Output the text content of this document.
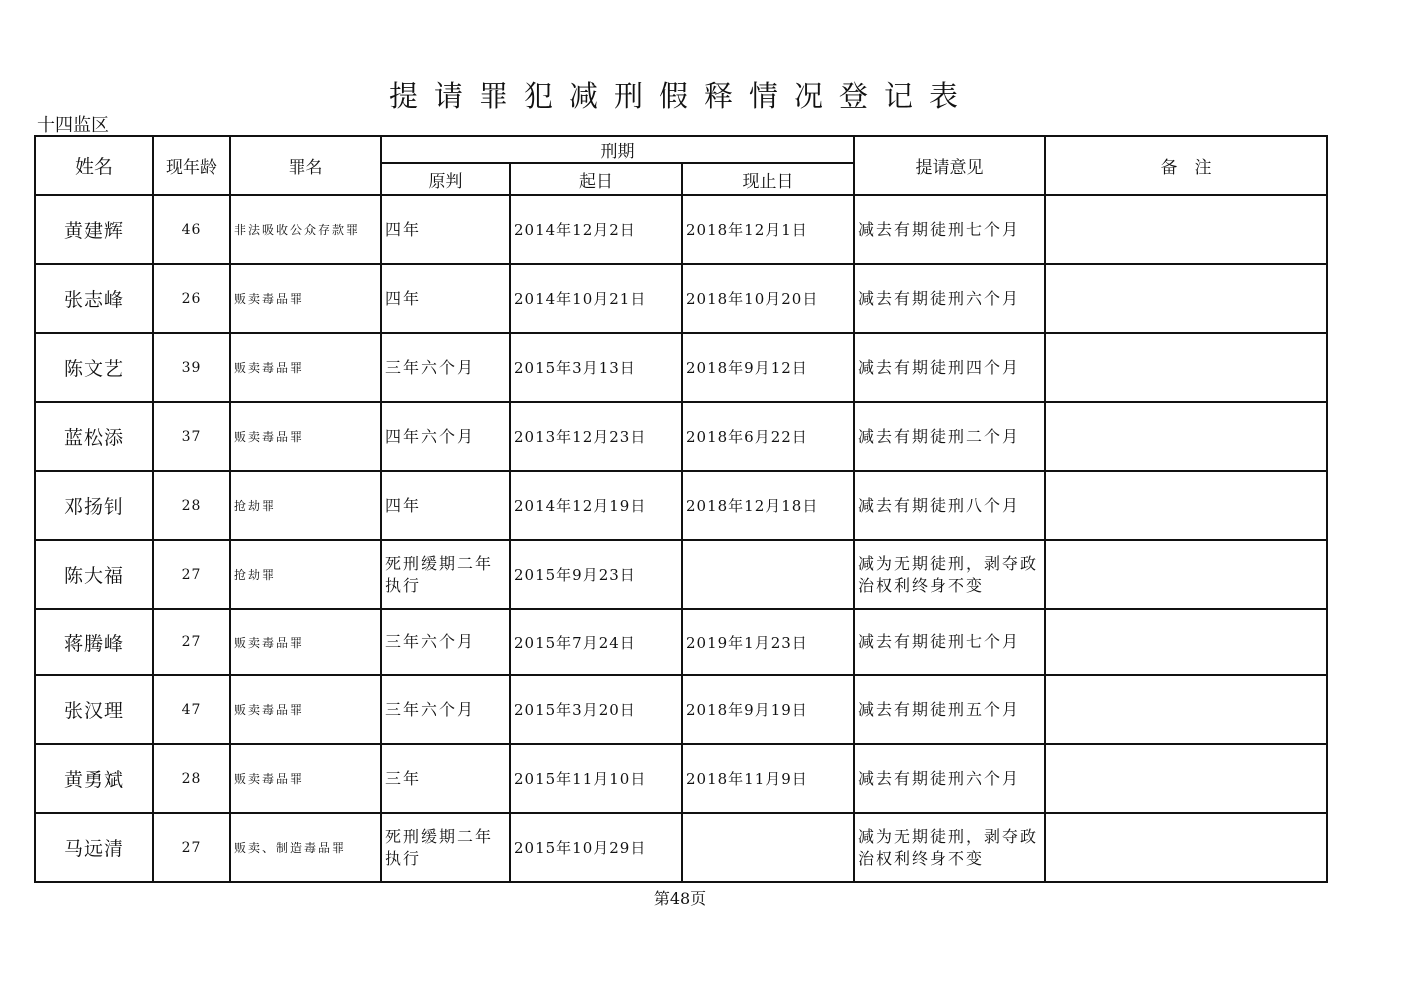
提请罪犯减刑假释情况登记表
十四监区
姓名	现年龄	罪名	刑期			提请意见	备　注
			原判	起日	现止日		
黄建辉	46	非法吸收公众存款罪	四年	2014年12月2日	2018年12月1日	减去有期徒刑七个月	
张志峰	26	贩卖毒品罪	四年	2014年10月21日	2018年10月20日	减去有期徒刑六个月	
陈文艺	39	贩卖毒品罪	三年六个月	2015年3月13日	2018年9月12日	减去有期徒刑四个月	
蓝松添	37	贩卖毒品罪	四年六个月	2013年12月23日	2018年6月22日	减去有期徒刑二个月	
邓扬钊	28	抢劫罪	四年	2014年12月19日	2018年12月18日	减去有期徒刑八个月	
陈大福	27	抢劫罪	死刑缓期二年执行	2015年9月23日		减为无期徒刑，剥夺政治权利终身不变	
蒋腾峰	27	贩卖毒品罪	三年六个月	2015年7月24日	2019年1月23日	减去有期徒刑七个月	
张汉理	47	贩卖毒品罪	三年六个月	2015年3月20日	2018年9月19日	减去有期徒刑五个月	
黄勇斌	28	贩卖毒品罪	三年	2015年11月10日	2018年11月9日	减去有期徒刑六个月	
马远清	27	贩卖、制造毒品罪	死刑缓期二年执行	2015年10月29日		减为无期徒刑，剥夺政治权利终身不变	
第48页
